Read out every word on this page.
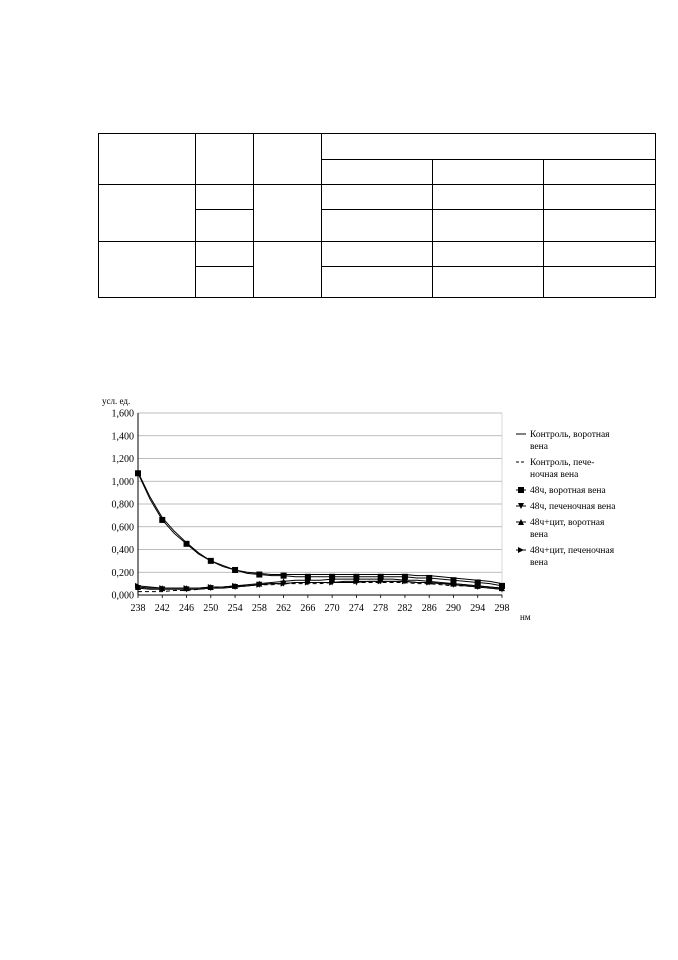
усл. ед.
нм
0,000
0,200
0,400
0,600
0,800
1,000
1,200
1,400
1,600
238 242 246 250 254 258 262 266 270 274 278 282 286 290 294 298
Контроль, воротная
вена
Контроль, пече-
ночная вена
48ч, воротная вена
48ч, печеночная вена
48ч+цит, воротная
вена
48ч+цит, печеночная
вена
